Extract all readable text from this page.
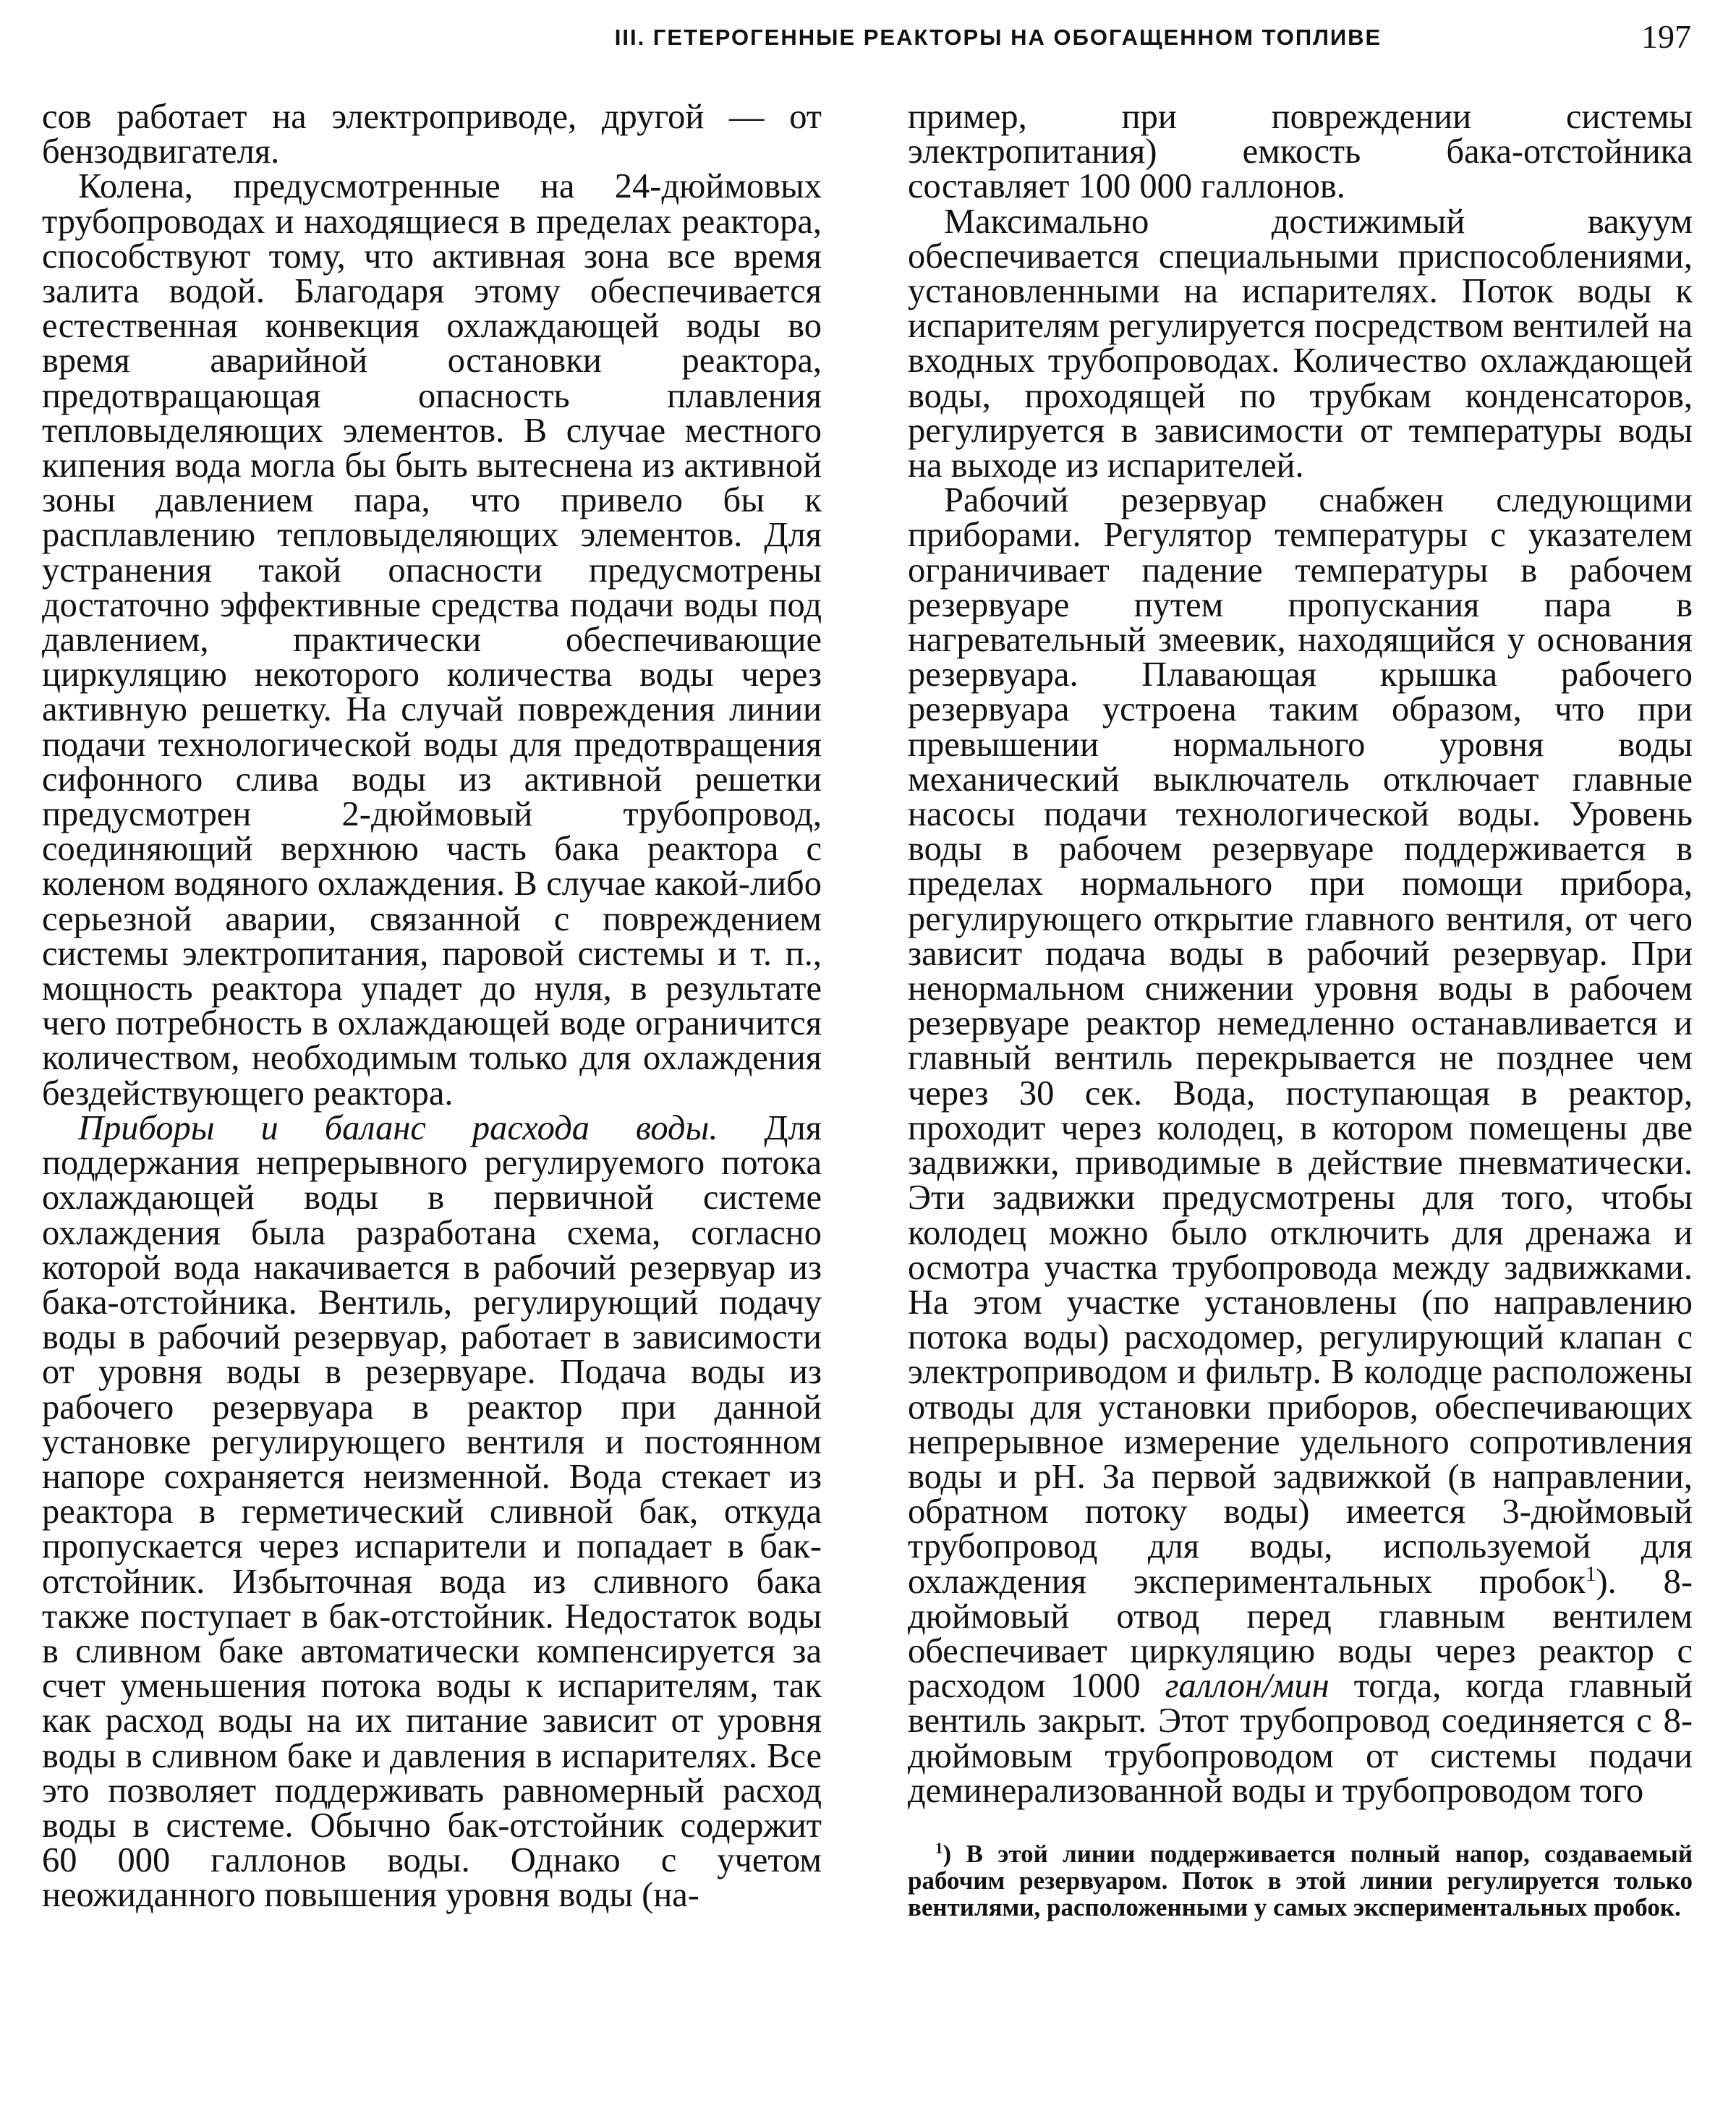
III. ГЕТЕРОГЕННЫЕ РЕАКТОРЫ НА ОБОГАЩЕННОМ ТОПЛИВЕ	197

сов работает на электроприводе, другой — от бензодвигателя.

Колена, предусмотренные на 24-дюймовых трубопроводах и находящиеся в пределах реактора, способствуют тому, что активная зона все время залита водой. Благодаря этому обеспечивается естественная конвекция охлаждающей воды во время аварийной остановки реактора, предотвращающая опасность плавления тепловыделяющих элементов. В случае местного кипения вода могла бы быть вытеснена из активной зоны давлением пара, что привело бы к расплавлению тепловыделяющих элементов. Для устранения такой опасности предусмотрены достаточно эффективные средства подачи воды под давлением, практически обеспечивающие циркуляцию некоторого количества воды через активную решетку. На случай повреждения линии подачи технологической воды для предотвращения сифонного слива воды из активной решетки предусмотрен 2-дюймовый трубопровод, соединяющий верхнюю часть бака реактора с коленом водяного охлаждения. В случае какой-либо серьезной аварии, связанной с повреждением системы электропитания, паровой системы и т. п., мощность реактора упадет до нуля, в результате чего потребность в охлаждающей воде ограничится количеством, необходимым только для охлаждения бездействующего реактора.

Приборы и баланс расхода воды. Для поддержания непрерывного регулируемого потока охлаждающей воды в первичной системе охлаждения была разработана схема, согласно которой вода накачивается в рабочий резервуар из бака-отстойника. Вентиль, регулирующий подачу воды в рабочий резервуар, работает в зависимости от уровня воды в резервуаре. Подача воды из рабочего резервуара в реактор при данной установке регулирующего вентиля и постоянном напоре сохраняется неизменной. Вода стекает из реактора в герметический сливной бак, откуда пропускается через испарители и попадает в бак-отстойник. Избыточная вода из сливного бака также поступает в бак-отстойник. Недостаток воды в сливном баке автоматически компенсируется за счет уменьшения потока воды к испарителям, так как расход воды на их питание зависит от уровня воды в сливном баке и давления в испарителях. Все это позволяет поддерживать равномерный расход воды в системе. Обычно бак-отстойник содержит 60 000 галлонов воды. Однако с учетом неожиданного повышения уровня воды (на-

пример, при повреждении системы электропитания) емкость бака-отстойника составляет 100 000 галлонов.

Максимально достижимый вакуум обеспечивается специальными приспособлениями, установленными на испарителях. Поток воды к испарителям регулируется посредством вентилей на входных трубопроводах. Количество охлаждающей воды, проходящей по трубкам конденсаторов, регулируется в зависимости от температуры воды на выходе из испарителей.

Рабочий резервуар снабжен следующими приборами. Регулятор температуры с указателем ограничивает падение температуры в рабочем резервуаре путем пропускания пара в нагревательный змеевик, находящийся у основания резервуара. Плавающая крышка рабочего резервуара устроена таким образом, что при превышении нормального уровня воды механический выключатель отключает главные насосы подачи технологической воды. Уровень воды в рабочем резервуаре поддерживается в пределах нормального при помощи прибора, регулирующего открытие главного вентиля, от чего зависит подача воды в рабочий резервуар. При ненормальном снижении уровня воды в рабочем резервуаре реактор немедленно останавливается и главный вентиль перекрывается не позднее чем через 30 сек. Вода, поступающая в реактор, проходит через колодец, в котором помещены две задвижки, приводимые в действие пневматически. Эти задвижки предусмотрены для того, чтобы колодец можно было отключить для дренажа и осмотра участка трубопровода между задвижками. На этом участке установлены (по направлению потока воды) расходомер, регулирующий клапан с электроприводом и фильтр. В колодце расположены отводы для установки приборов, обеспечивающих непрерывное измерение удельного сопротивления воды и pH. За первой задвижкой (в направлении, обратном потоку воды) имеется 3-дюймовый трубопровод для воды, используемой для охлаждения экспериментальных пробок$^1$). 8-дюймовый отвод перед главным вентилем обеспечивает циркуляцию воды через реактор с расходом 1000 галлон/мин тогда, когда главный вентиль закрыт. Этот трубопровод соединяется с 8-дюймовым трубопроводом от системы подачи деминерализованной воды и трубопроводом того

$^1$) В этой линии поддерживается полный напор, создаваемый рабочим резервуаром. Поток в этой линии регулируется только вентилями, расположенными у самых экспериментальных пробок.
